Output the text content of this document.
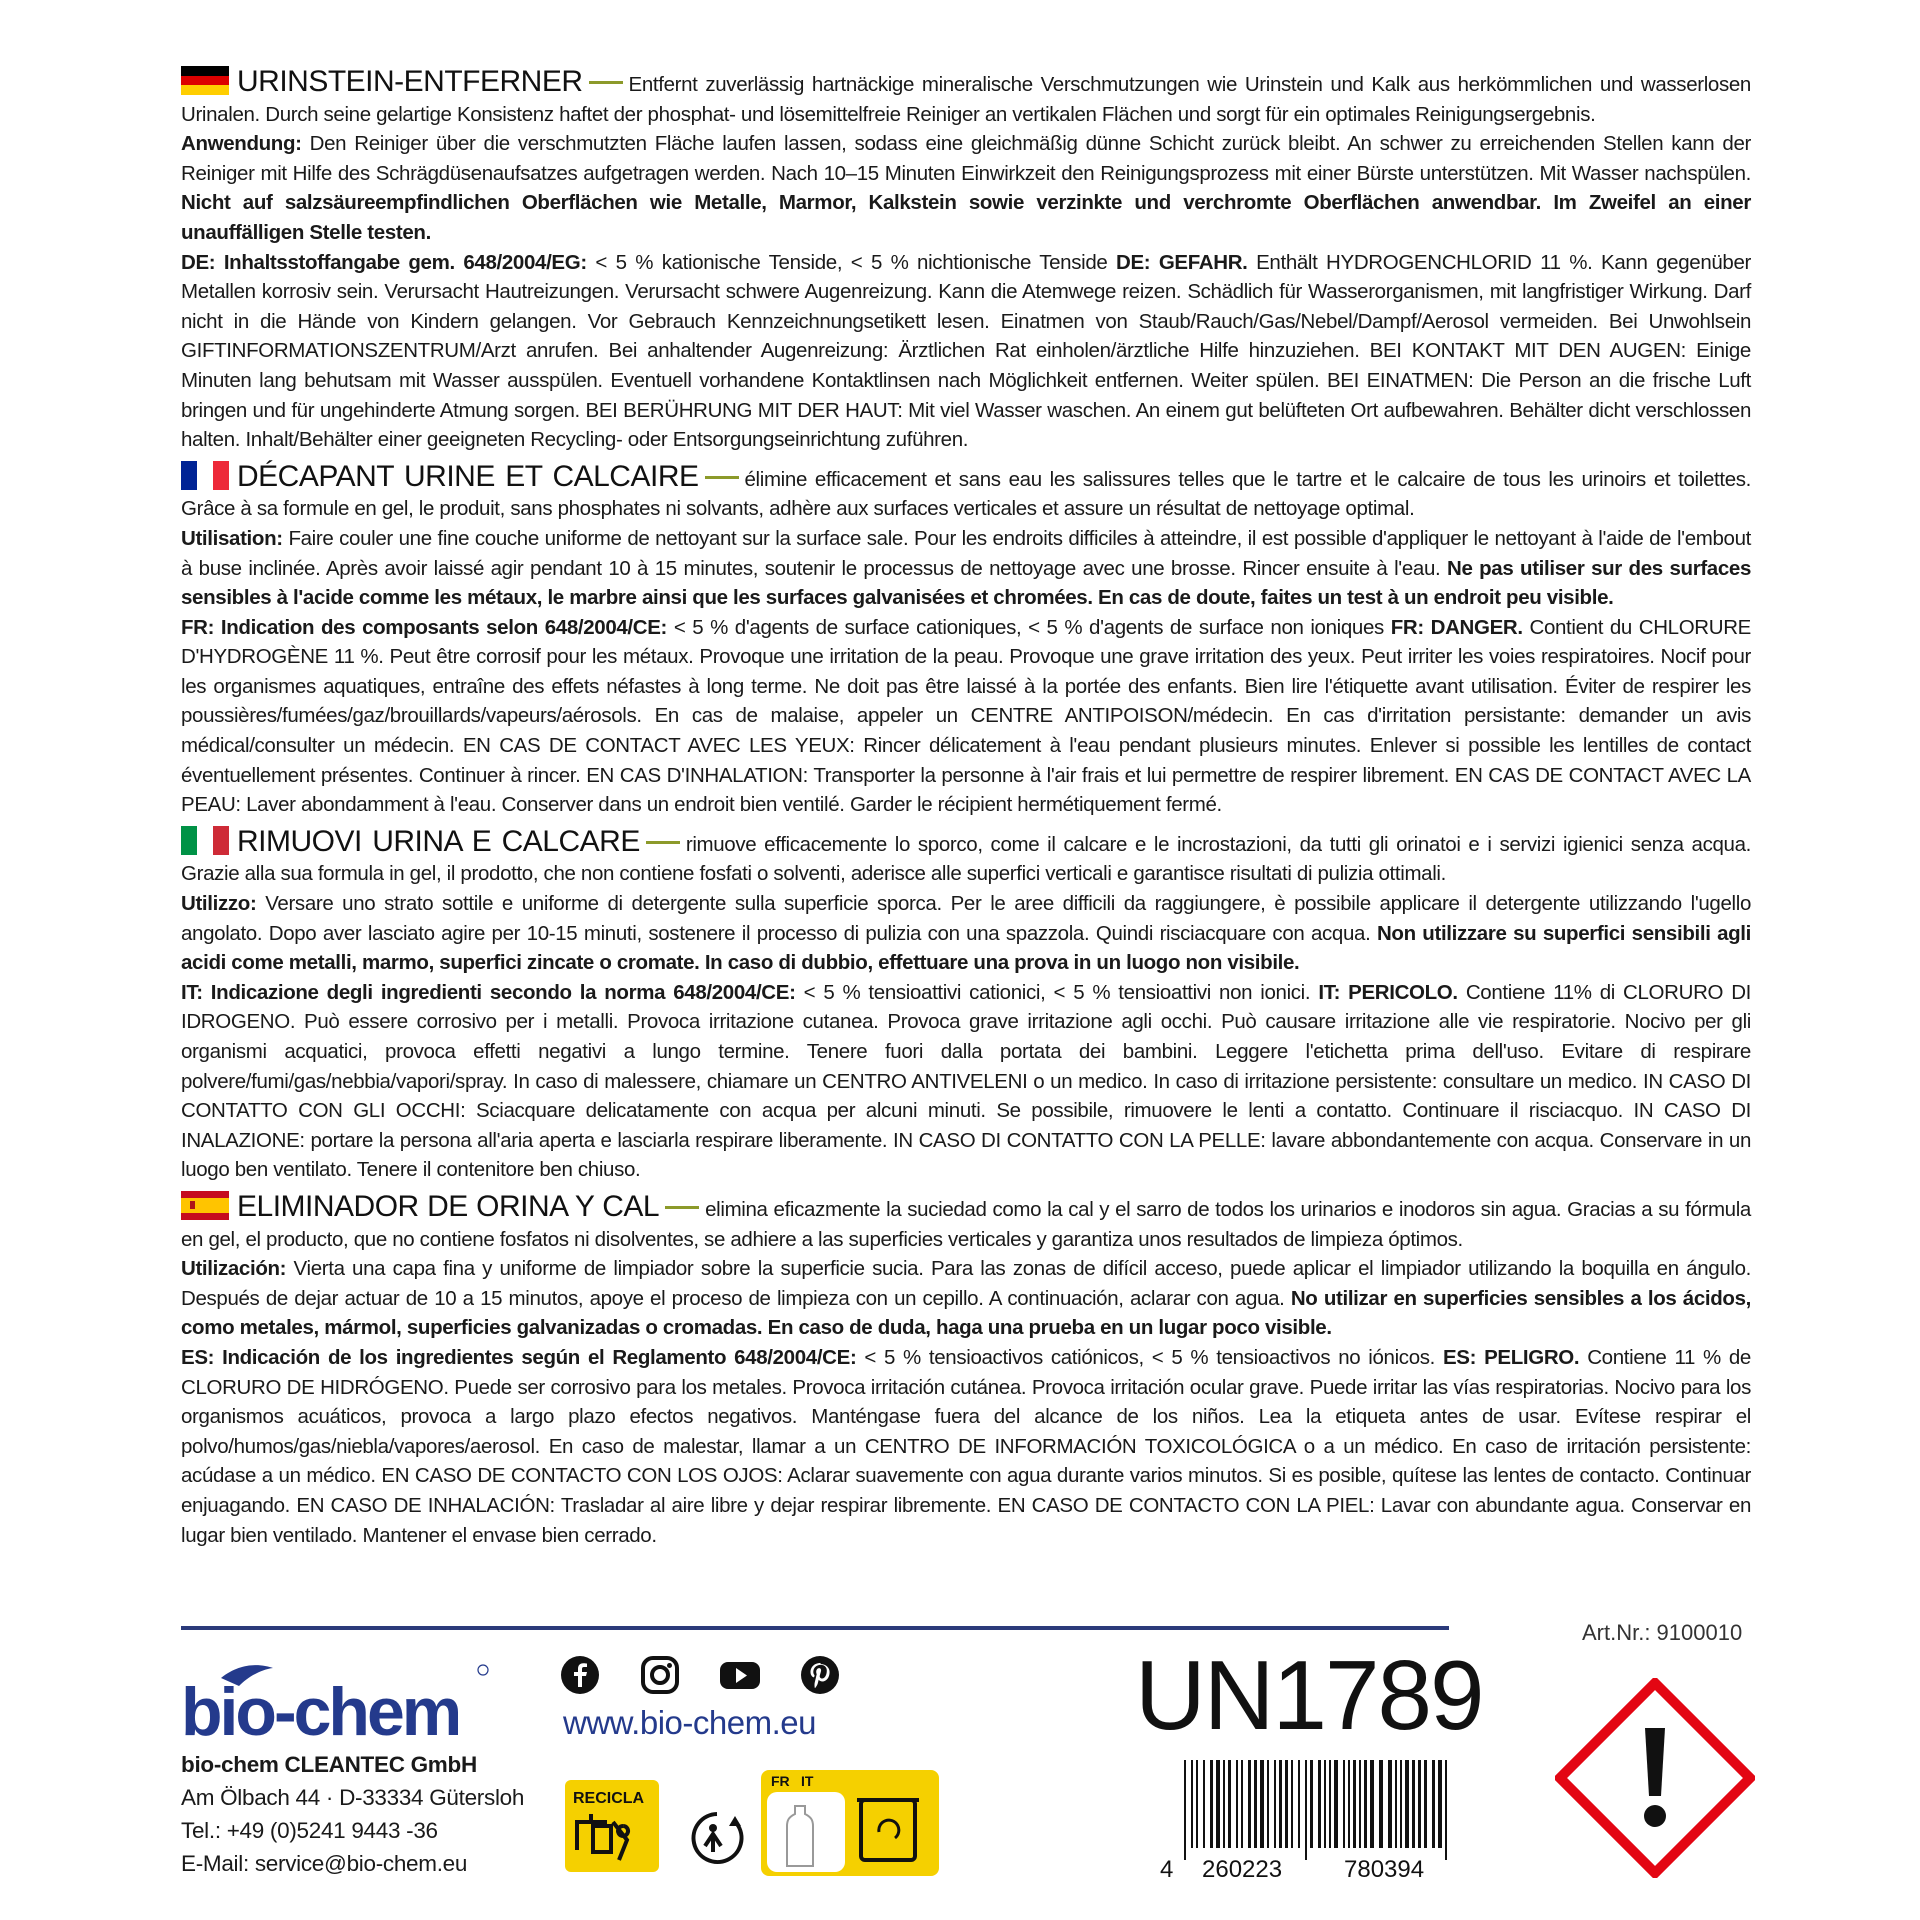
URINSTEIN-ENTFERNER Entfernt zuverlässig hartnäckige mineralische Verschmutzungen wie Urinstein und Kalk aus herkömmlichen und wasserlosen Urinalen. Durch seine gelartige Konsistenz haftet der phosphat- und lösemittelfreie Reiniger an vertikalen Flächen und sorgt für ein optimales Reinigungsergebnis.

Anwendung: Den Reiniger über die verschmutzten Fläche laufen lassen, sodass eine gleichmäßig dünne Schicht zurück bleibt. An schwer zu erreichenden Stellen kann der Reiniger mit Hilfe des Schrägdüsenaufsatzes aufgetragen werden. Nach 10–15 Minuten Einwirkzeit den Reinigungsprozess mit einer Bürste unterstützen. Mit Wasser nachspülen. Nicht auf salzsäureempfindlichen Oberflächen wie Metalle, Marmor, Kalkstein sowie verzinkte und verchromte Oberflächen anwendbar. Im Zweifel an einer unauffälligen Stelle testen.

DE: Inhaltsstoffangabe gem. 648/2004/EG: < 5 % kationische Tenside, < 5 % nichtionische Tenside DE: GEFAHR. Enthält HYDROGENCHLORID 11 %. Kann gegenüber Metallen korrosiv sein. Verursacht Hautreizungen. Verursacht schwere Augenreizung. Kann die Atemwege reizen. Schädlich für Wasserorganismen, mit langfristiger Wirkung. Darf nicht in die Hände von Kindern gelangen. Vor Gebrauch Kennzeichnungsetikett lesen. Einatmen von Staub/Rauch/Gas/Nebel/Dampf/Aerosol vermeiden. Bei Unwohlsein GIFTINFORMATIONSZENTRUM/Arzt anrufen. Bei anhaltender Augenreizung: Ärztlichen Rat einholen/ärztliche Hilfe hinzuziehen. BEI KONTAKT MIT DEN AUGEN: Einige Minuten lang behutsam mit Wasser ausspülen. Eventuell vorhandene Kontaktlinsen nach Möglichkeit entfernen. Weiter spülen. BEI EINATMEN: Die Person an die frische Luft bringen und für ungehinderte Atmung sorgen. BEI BERÜHRUNG MIT DER HAUT: Mit viel Wasser waschen. An einem gut belüfteten Ort aufbewahren. Behälter dicht verschlossen halten. Inhalt/Behälter einer geeigneten Recycling- oder Entsorgungseinrichtung zuführen.

DÉCAPANT URINE ET CALCAIRE élimine efficacement et sans eau les salissures telles que le tartre et le calcaire de tous les urinoirs et toilettes. Grâce à sa formule en gel, le produit, sans phosphates ni solvants, adhère aux surfaces verticales et assure un résultat de nettoyage optimal.

Utilisation: Faire couler une fine couche uniforme de nettoyant sur la surface sale. Pour les endroits difficiles à atteindre, il est possible d'appliquer le nettoyant à l'aide de l'embout à buse inclinée. Après avoir laissé agir pendant 10 à 15 minutes, soutenir le processus de nettoyage avec une brosse. Rincer ensuite à l'eau. Ne pas utiliser sur des surfaces sensibles à l'acide comme les métaux, le marbre ainsi que les surfaces galvanisées et chromées. En cas de doute, faites un test à un endroit peu visible.

FR: Indication des composants selon 648/2004/CE: < 5 % d'agents de surface cationiques, < 5 % d'agents de surface non ioniques FR: DANGER. Contient du CHLORURE D'HYDROGÈNE 11 %. Peut être corrosif pour les métaux. Provoque une irritation de la peau. Provoque une grave irritation des yeux. Peut irriter les voies respiratoires. Nocif pour les organismes aquatiques, entraîne des effets néfastes à long terme. Ne doit pas être laissé à la portée des enfants. Bien lire l'étiquette avant utilisation. Éviter de respirer les poussières/fumées/gaz/brouillards/vapeurs/aérosols. En cas de malaise, appeler un CENTRE ANTIPOISON/médecin. En cas d'irritation persistante: demander un avis médical/consulter un médecin. EN CAS DE CONTACT AVEC LES YEUX: Rincer délicatement à l'eau pendant plusieurs minutes. Enlever si possible les lentilles de contact éventuellement présentes. Continuer à rincer. EN CAS D'INHALATION: Transporter la personne à l'air frais et lui permettre de respirer librement. EN CAS DE CONTACT AVEC LA PEAU: Laver abondamment à l'eau. Conserver dans un endroit bien ventilé. Garder le récipient hermétiquement fermé.

RIMUOVI URINA E CALCARE rimuove efficacemente lo sporco, come il calcare e le incrostazioni, da tutti gli orinatoi e i servizi igienici senza acqua. Grazie alla sua formula in gel, il prodotto, che non contiene fosfati o solventi, aderisce alle superfici verticali e garantisce risultati di pulizia ottimali.

Utilizzo: Versare uno strato sottile e uniforme di detergente sulla superficie sporca. Per le aree difficili da raggiungere, è possibile applicare il detergente utilizzando l'ugello angolato. Dopo aver lasciato agire per 10-15 minuti, sostenere il processo di pulizia con una spazzola. Quindi risciacquare con acqua. Non utilizzare su superfici sensibili agli acidi come metalli, marmo, superfici zincate o cromate. In caso di dubbio, effettuare una prova in un luogo non visibile.

IT: Indicazione degli ingredienti secondo la norma 648/2004/CE: < 5 % tensioattivi cationici, < 5 % tensioattivi non ionici. IT: PERICOLO. Contiene 11% di CLORURO DI IDROGENO. Può essere corrosivo per i metalli. Provoca irritazione cutanea. Provoca grave irritazione agli occhi. Può causare irritazione alle vie respiratorie. Nocivo per gli organismi acquatici, provoca effetti negativi a lungo termine. Tenere fuori dalla portata dei bambini. Leggere l'etichetta prima dell'uso. Evitare di respirare polvere/fumi/gas/nebbia/vapori/spray. In caso di malessere, chiamare un CENTRO ANTIVELENI o un medico. In caso di irritazione persistente: consultare un medico. IN CASO DI CONTATTO CON GLI OCCHI: Sciacquare delicatamente con acqua per alcuni minuti. Se possibile, rimuovere le lenti a contatto. Continuare il risciacquo. IN CASO DI INALAZIONE: portare la persona all'aria aperta e lasciarla respirare liberamente. IN CASO DI CONTATTO CON LA PELLE: lavare abbondantemente con acqua. Conservare in un luogo ben ventilato. Tenere il contenitore ben chiuso.

ELIMINADOR DE ORINA Y CAL elimina eficazmente la suciedad como la cal y el sarro de todos los urinarios e inodoros sin agua. Gracias a su fórmula en gel, el producto, que no contiene fosfatos ni disolventes, se adhiere a las superficies verticales y garantiza unos resultados de limpieza óptimos.

Utilización: Vierta una capa fina y uniforme de limpiador sobre la superficie sucia. Para las zonas de difícil acceso, puede aplicar el limpiador utilizando la boquilla en ángulo. Después de dejar actuar de 10 a 15 minutos, apoye el proceso de limpieza con un cepillo. A continuación, aclarar con agua. No utilizar en superficies sensibles a los ácidos, como metales, mármol, superficies galvanizadas o cromadas. En caso de duda, haga una prueba en un lugar poco visible.

ES: Indicación de los ingredientes según el Reglamento 648/2004/CE: < 5 % tensioactivos catiónicos, < 5 % tensioactivos no iónicos. ES: PELIGRO. Contiene 11 % de CLORURO DE HIDRÓGENO. Puede ser corrosivo para los metales. Provoca irritación cutánea. Provoca irritación ocular grave. Puede irritar las vías respiratorias. Nocivo para los organismos acuáticos, provoca a largo plazo efectos negativos. Manténgase fuera del alcance de los niños. Lea la etiqueta antes de usar. Evítese respirar el polvo/humos/gas/niebla/vapores/aerosol. En caso de malestar, llamar a un CENTRO DE INFORMACIÓN TOXICOLÓGICA o a un médico. En caso de irritación persistente: acúdase a un médico. EN CASO DE CONTACTO CON LOS OJOS: Aclarar suavemente con agua durante varios minutos. Si es posible, quítese las lentes de contacto. Continuar enjuagando. EN CASO DE INHALACIÓN: Trasladar al aire libre y dejar respirar libremente. EN CASO DE CONTACTO CON LA PIEL: Lavar con abundante agua. Conservar en lugar bien ventilado. Mantener el envase bien cerrado.

bio-chem
bio-chem CLEANTEC GmbH
Am Ölbach 44 · D-33334 Gütersloh
Tel.: +49 (0)5241 9443 -36
E-Mail: service@bio-chem.eu
www.bio-chem.eu
RECICLA
FR IT
UN1789
Art.Nr.: 9100010
4 260223	780394
